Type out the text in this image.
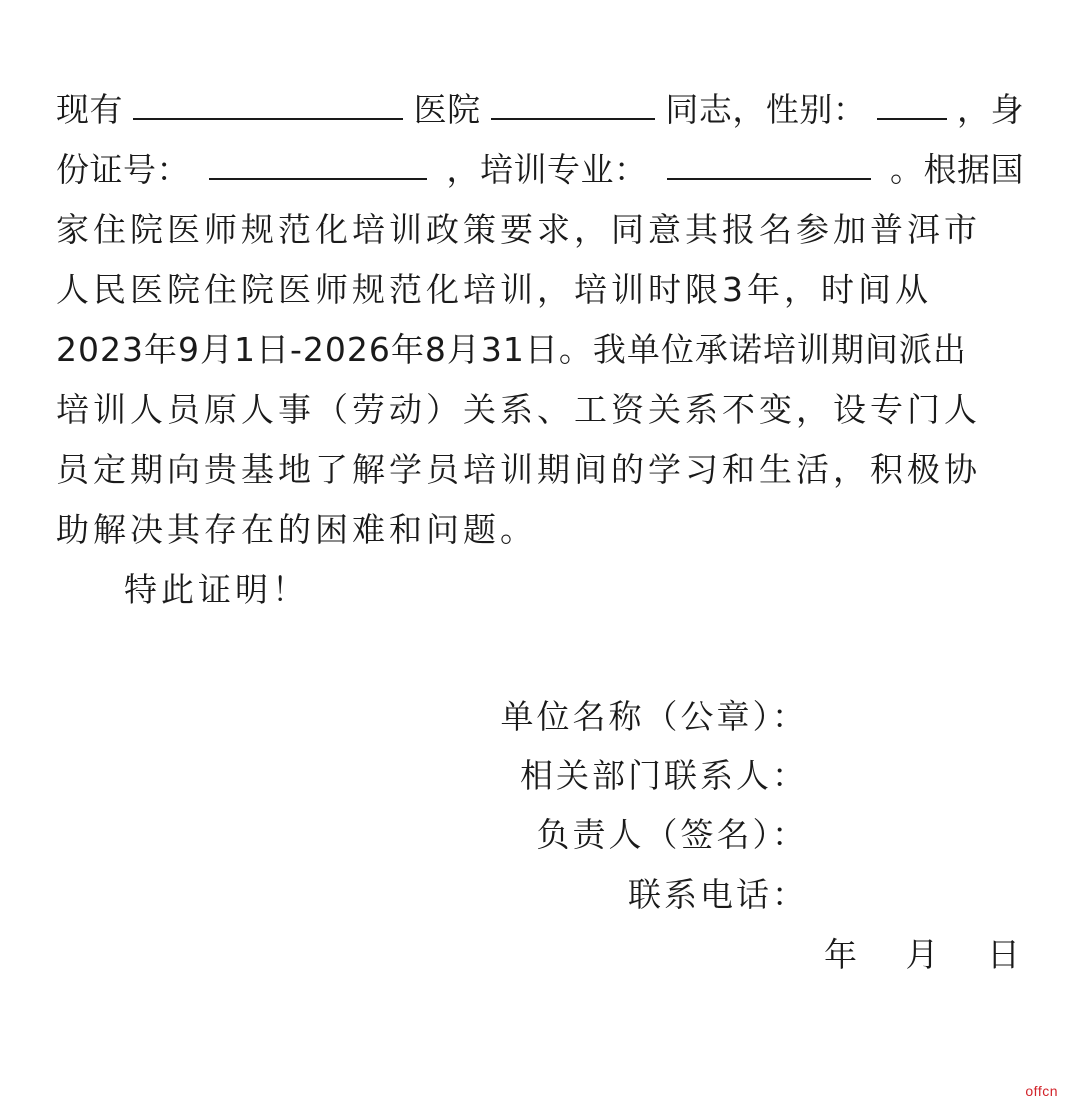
现有	医院	同志，性别：	，身
份证号：	，培训专业：	。根据国
家住院医师规范化培训政策要求，同意其报名参加普洱市
人民医院住院医师规范化培训，培训时限3年，时间从
2023年9月1日-2026年8月31日。我单位承诺培训期间派出
培训人员原人事（劳动）关系、工资关系不变，设专门人
员定期向贵基地了解学员培训期间的学习和生活，积极协
助解决其存在的困难和问题。
特此证明！
单位名称（公章）：
相关部门联系人：
负责人（签名）：
联系电话：
年 月 日
offcn
